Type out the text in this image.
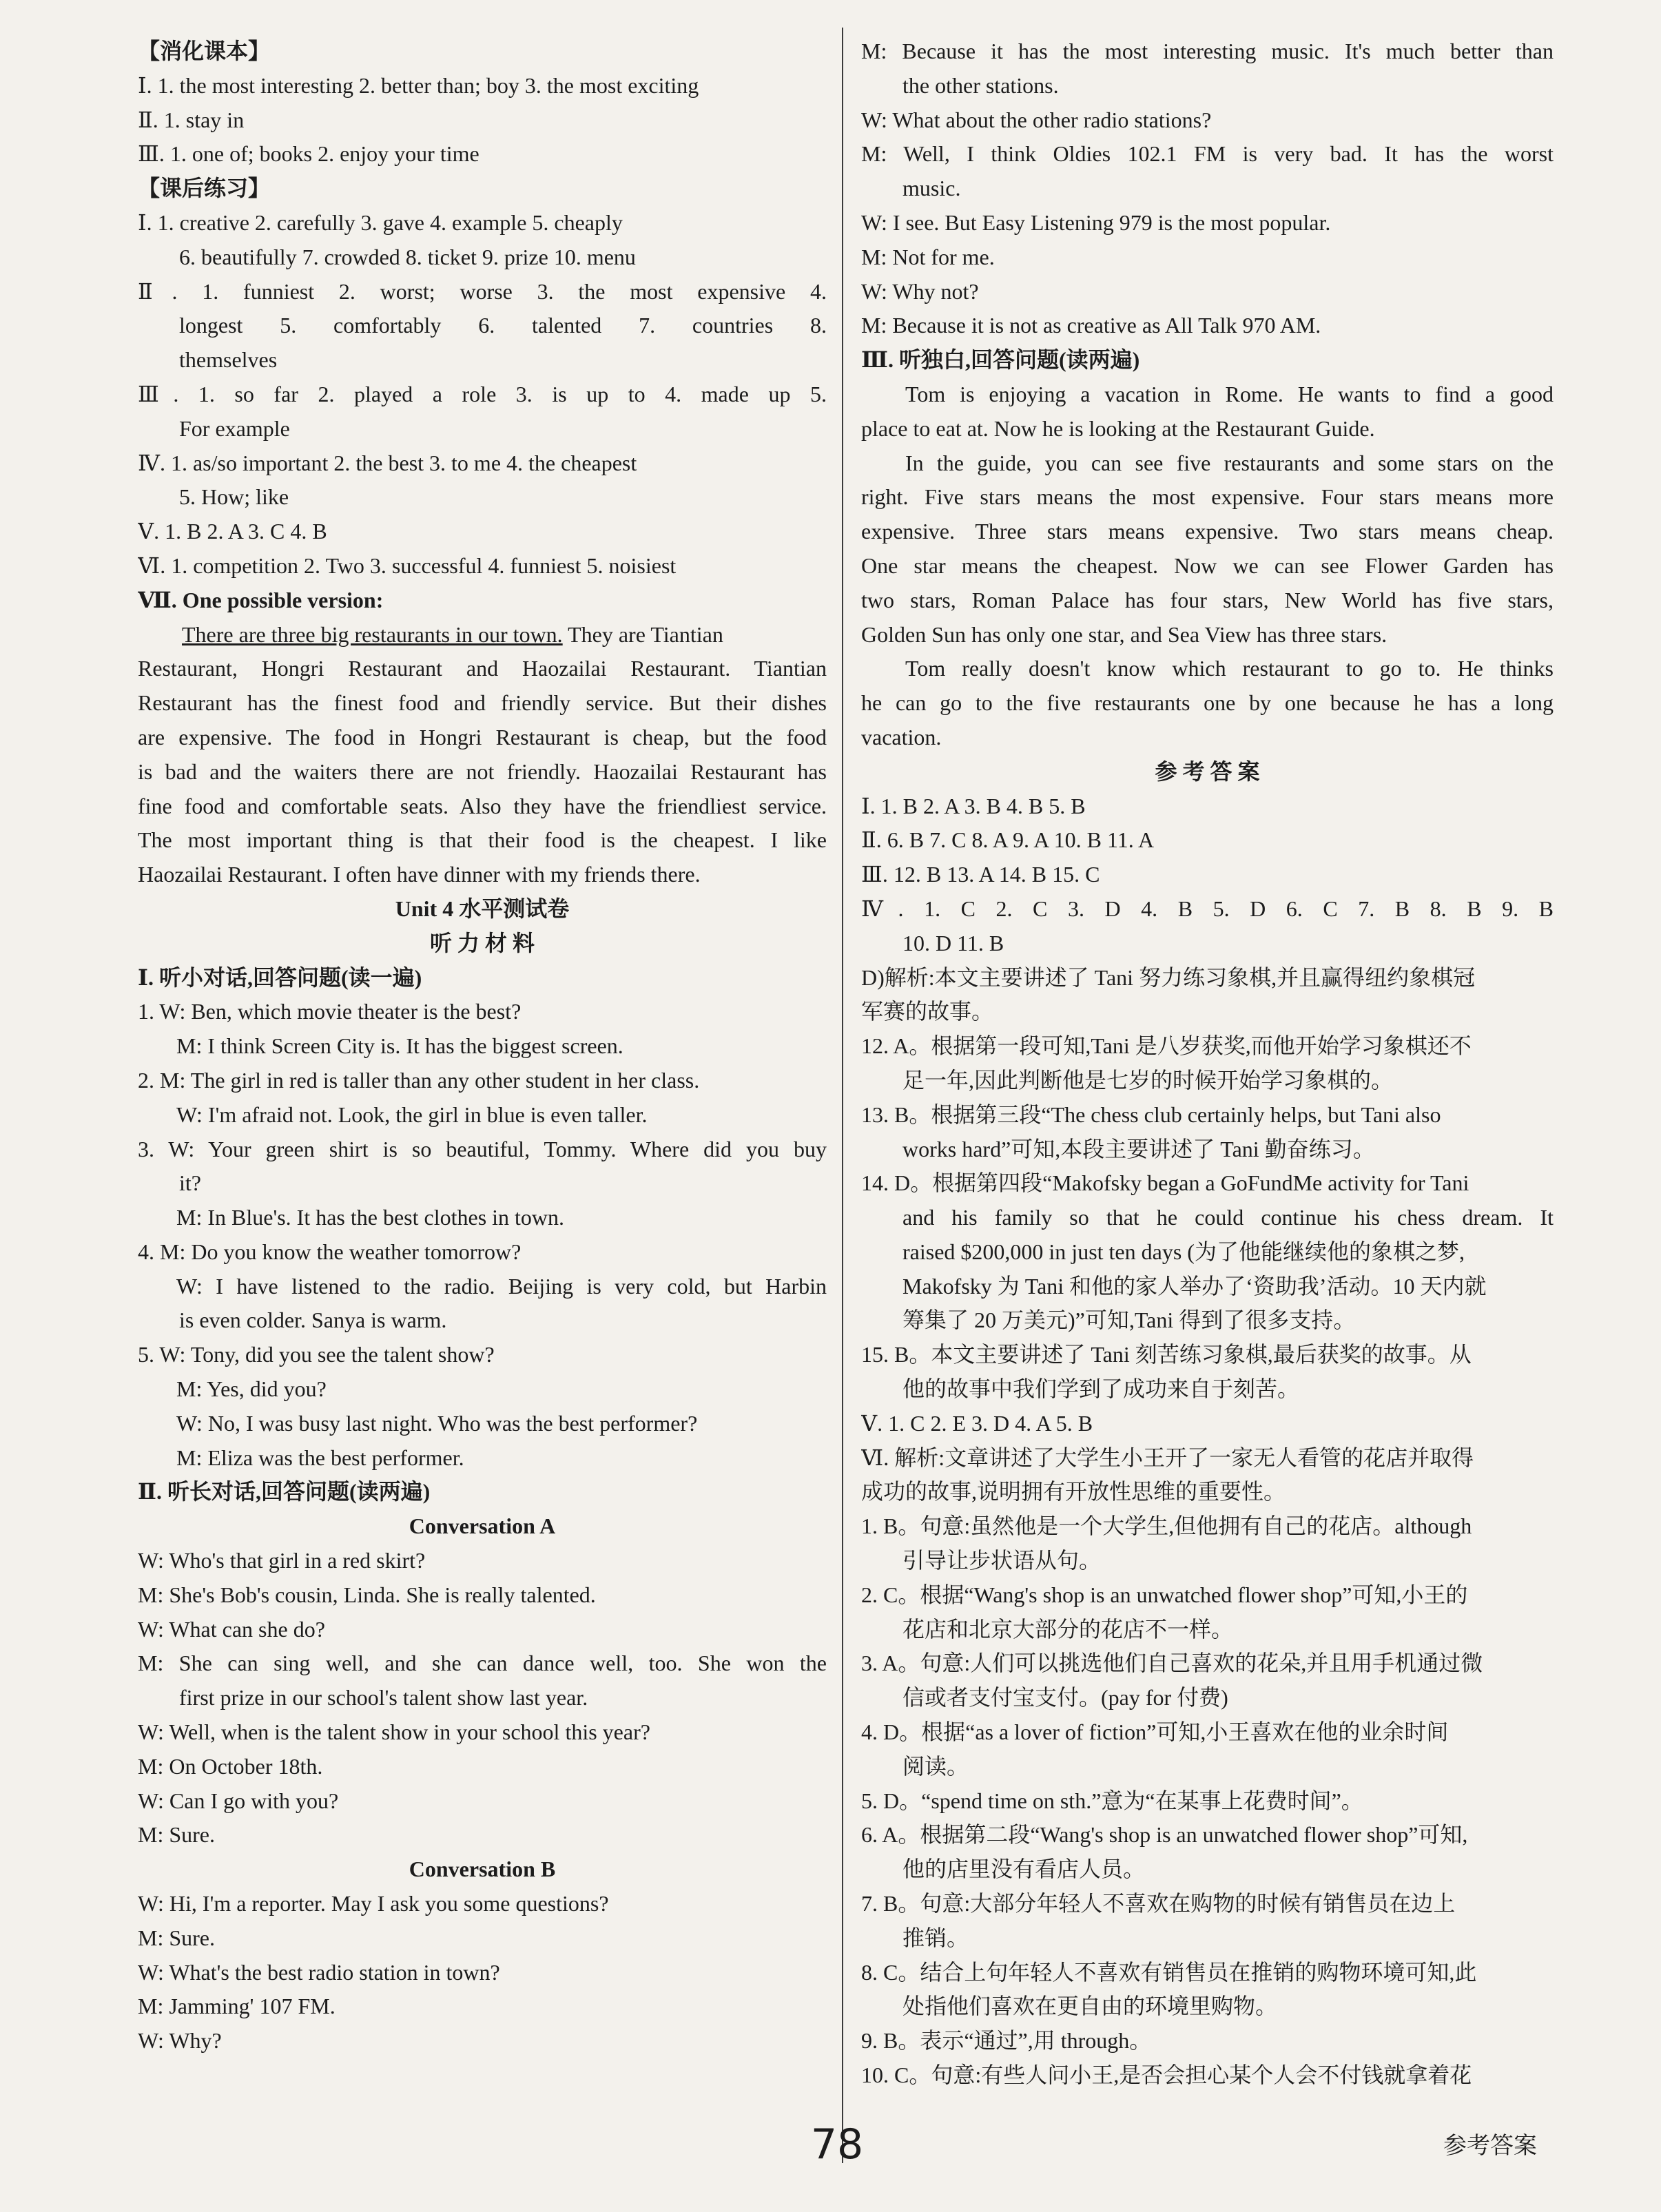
【消化课本】
Ⅰ. 1. the most interesting 2. better than; boy 3. the most exciting
Ⅱ. 1. stay in
Ⅲ. 1. one of; books 2. enjoy your time
【课后练习】
Ⅰ. 1. creative 2. carefully 3. gave 4. example 5. cheaply
6. beautifully 7. crowded 8. ticket 9. prize 10. menu
Ⅱ. 1. funniest 2. worst; worse 3. the most expensive 4.
longest 5. comfortably 6. talented 7. countries 8.
themselves
Ⅲ. 1. so far 2. played a role 3. is up to 4. made up 5.
For example
Ⅳ. 1. as/so important 2. the best 3. to me 4. the cheapest
5. How; like
Ⅴ. 1. B 2. A 3. C 4. B
Ⅵ. 1. competition 2. Two 3. successful 4. funniest 5. noisiest
Ⅶ. One possible version:
There are three big restaurants in our town. They are Tiantian
Restaurant, Hongri Restaurant and Haozailai Restaurant. Tiantian
Restaurant has the finest food and friendly service. But their dishes
are expensive. The food in Hongri Restaurant is cheap, but the food
is bad and the waiters there are not friendly. Haozailai Restaurant has
fine food and comfortable seats. Also they have the friendliest service.
The most important thing is that their food is the cheapest. I like
Haozailai Restaurant. I often have dinner with my friends there.
Unit 4 水平测试卷
听 力 材 料
Ⅰ. 听小对话,回答问题(读一遍)
1. W: Ben, which movie theater is the best?
M: I think Screen City is. It has the biggest screen.
2. M: The girl in red is taller than any other student in her class.
W: I'm afraid not. Look, the girl in blue is even taller.
3. W: Your green shirt is so beautiful, Tommy. Where did you buy
it?
M: In Blue's. It has the best clothes in town.
4. M: Do you know the weather tomorrow?
W: I have listened to the radio. Beijing is very cold, but Harbin
is even colder. Sanya is warm.
5. W: Tony, did you see the talent show?
M: Yes, did you?
W: No, I was busy last night. Who was the best performer?
M: Eliza was the best performer.
Ⅱ. 听长对话,回答问题(读两遍)
Conversation A
W: Who's that girl in a red skirt?
M: She's Bob's cousin, Linda. She is really talented.
W: What can she do?
M: She can sing well, and she can dance well, too. She won the
first prize in our school's talent show last year.
W: Well, when is the talent show in your school this year?
M: On October 18th.
W: Can I go with you?
M: Sure.
Conversation B
W: Hi, I'm a reporter. May I ask you some questions?
M: Sure.
W: What's the best radio station in town?
M: Jamming' 107 FM.
W: Why?
M: Because it has the most interesting music. It's much better than
the other stations.
W: What about the other radio stations?
M: Well, I think Oldies 102.1 FM is very bad. It has the worst
music.
W: I see. But Easy Listening 979 is the most popular.
M: Not for me.
W: Why not?
M: Because it is not as creative as All Talk 970 AM.
Ⅲ. 听独白,回答问题(读两遍)
Tom is enjoying a vacation in Rome. He wants to find a good
place to eat at. Now he is looking at the Restaurant Guide.
In the guide, you can see five restaurants and some stars on the
right. Five stars means the most expensive. Four stars means more
expensive. Three stars means expensive. Two stars means cheap.
One star means the cheapest. Now we can see Flower Garden has
two stars, Roman Palace has four stars, New World has five stars,
Golden Sun has only one star, and Sea View has three stars.
Tom really doesn't know which restaurant to go to. He thinks
he can go to the five restaurants one by one because he has a long
vacation.
参 考 答 案
Ⅰ. 1. B 2. A 3. B 4. B 5. B
Ⅱ. 6. B 7. C 8. A 9. A 10. B 11. A
Ⅲ. 12. B 13. A 14. B 15. C
Ⅳ. 1. C 2. C 3. D 4. B 5. D 6. C 7. B 8. B 9. B
10. D 11. B
D)解析:本文主要讲述了 Tani 努力练习象棋,并且赢得纽约象棋冠
军赛的故事。
12. A。根据第一段可知,Tani 是八岁获奖,而他开始学习象棋还不
足一年,因此判断他是七岁的时候开始学习象棋的。
13. B。根据第三段“The chess club certainly helps, but Tani also
works hard”可知,本段主要讲述了 Tani 勤奋练习。
14. D。根据第四段“Makofsky began a GoFundMe activity for Tani
and his family so that he could continue his chess dream. It
raised $200,000 in just ten days (为了他能继续他的象棋之梦,
Makofsky 为 Tani 和他的家人举办了‘资助我’活动。10 天内就
筹集了 20 万美元)”可知,Tani 得到了很多支持。
15. B。本文主要讲述了 Tani 刻苦练习象棋,最后获奖的故事。从
他的故事中我们学到了成功来自于刻苦。
Ⅴ. 1. C 2. E 3. D 4. A 5. B
Ⅵ. 解析:文章讲述了大学生小王开了一家无人看管的花店并取得
成功的故事,说明拥有开放性思维的重要性。
1. B。句意:虽然他是一个大学生,但他拥有自己的花店。although
引导让步状语从句。
2. C。根据“Wang's shop is an unwatched flower shop”可知,小王的
花店和北京大部分的花店不一样。
3. A。句意:人们可以挑选他们自己喜欢的花朵,并且用手机通过微
信或者支付宝支付。(pay for 付费)
4. D。根据“as a lover of fiction”可知,小王喜欢在他的业余时间
阅读。
5. D。“spend time on sth.”意为“在某事上花费时间”。
6. A。根据第二段“Wang's shop is an unwatched flower shop”可知,
他的店里没有看店人员。
7. B。句意:大部分年轻人不喜欢在购物的时候有销售员在边上
推销。
8. C。结合上句年轻人不喜欢有销售员在推销的购物环境可知,此
处指他们喜欢在更自由的环境里购物。
9. B。表示“通过”,用 through。
10. C。句意:有些人问小王,是否会担心某个人会不付钱就拿着花
78	参考答案
